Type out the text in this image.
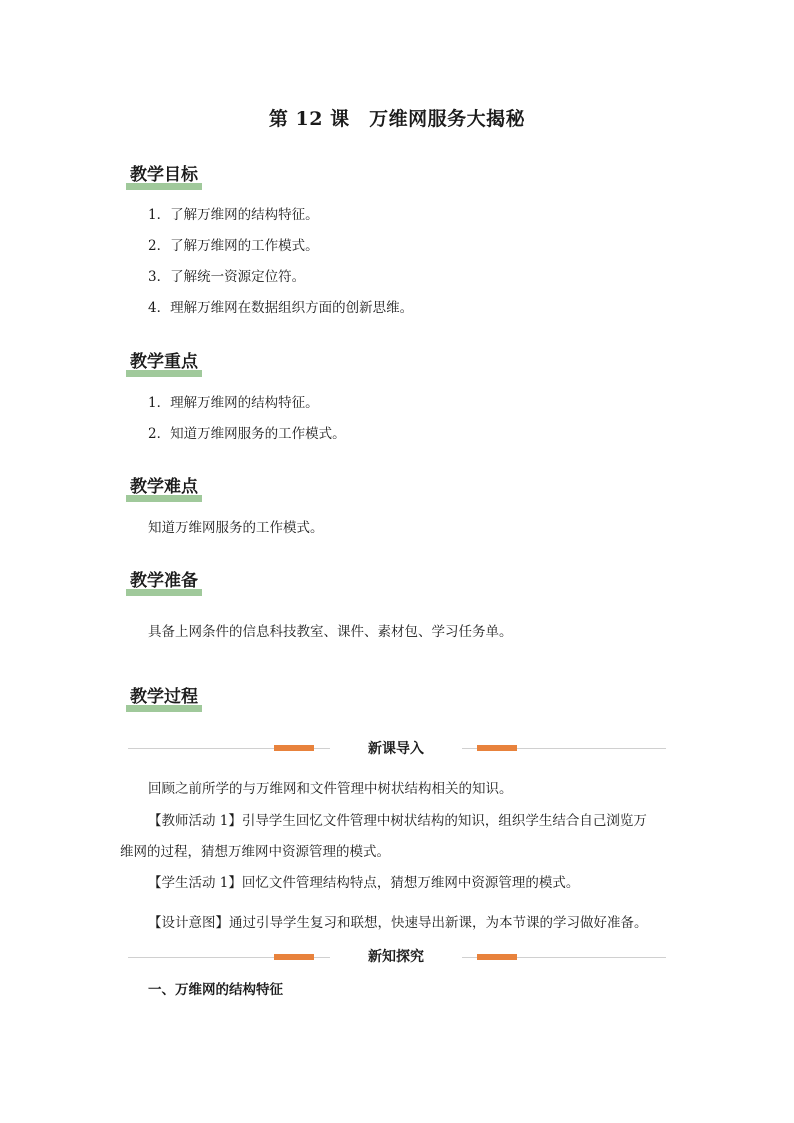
第 12 课　万维网服务大揭秘
教学目标
1．了解万维网的结构特征。
2．了解万维网的工作模式。
3．了解统一资源定位符。
4．理解万维网在数据组织方面的创新思维。
教学重点
1．理解万维网的结构特征。
2．知道万维网服务的工作模式。
教学难点
知道万维网服务的工作模式。
教学准备
具备上网条件的信息科技教室、课件、素材包、学习任务单。
教学过程
新课导入
回顾之前所学的与万维网和文件管理中树状结构相关的知识。
【教师活动 1】引导学生回忆文件管理中树状结构的知识，组织学生结合自己浏览万
维网的过程，猜想万维网中资源管理的模式。
【学生活动 1】回忆文件管理结构特点，猜想万维网中资源管理的模式。
【设计意图】通过引导学生复习和联想，快速导出新课，为本节课的学习做好准备。
新知探究
一、万维网的结构特征
